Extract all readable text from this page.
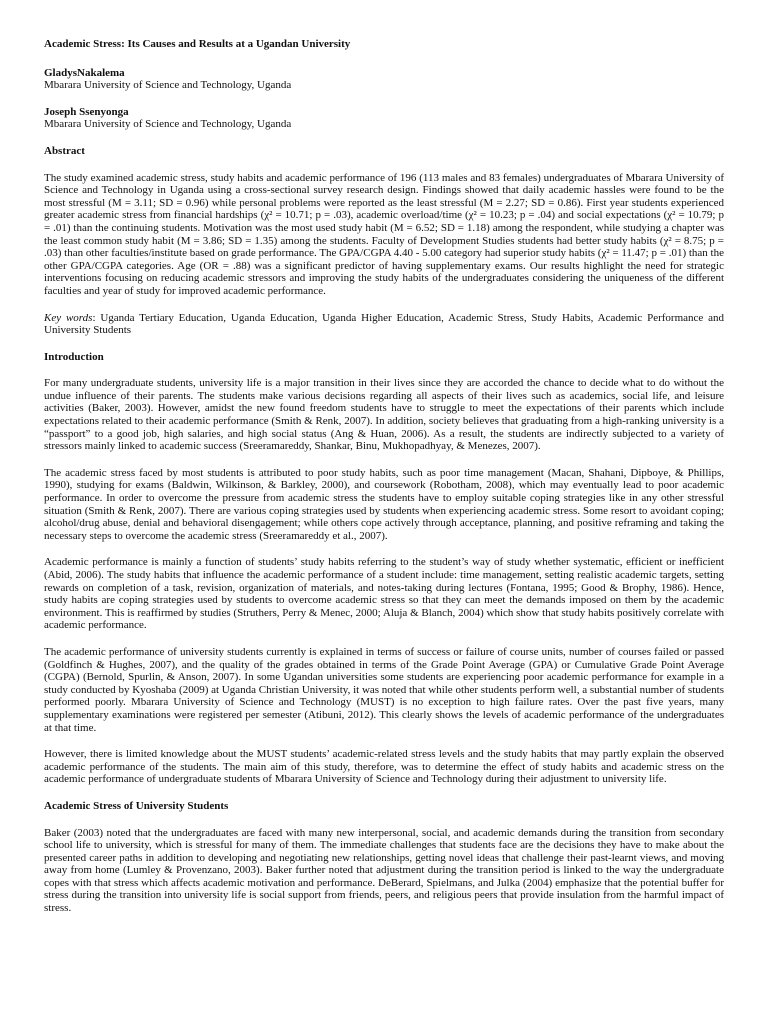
Academic Stress: Its Causes and Results at a Ugandan University
GladysNakalema
Mbarara University of Science and Technology, Uganda
Joseph Ssenyonga
Mbarara University of Science and Technology, Uganda
Abstract

The study examined academic stress, study habits and academic performance of 196 (113 males and 83 females) undergraduates of Mbarara University of Science and Technology in Uganda using a cross-sectional survey research design. Findings showed that daily academic hassles were found to be the most stressful (M = 3.11; SD = 0.96) while personal problems were reported as the least stressful (M = 2.27; SD = 0.86). First year students experienced greater academic stress from financial hardships (χ² = 10.71; p = .03), academic overload/time (χ² = 10.23; p = .04) and social expectations (χ² = 10.79; p = .01) than the continuing students. Motivation was the most used study habit (M = 6.52; SD = 1.18) among the respondent, while studying a chapter was the least common study habit (M = 3.86; SD = 1.35) among the students. Faculty of Development Studies students had better study habits (χ² = 8.75; p = .03) than other faculties/institute based on grade performance. The GPA/CGPA 4.40 - 5.00 category had superior study habits (χ² = 11.47; p = .01) than the other GPA/CGPA categories. Age (OR = .88) was a significant predictor of having supplementary exams. Our results highlight the need for strategic interventions focusing on reducing academic stressors and improving the study habits of the undergraduates considering the uniqueness of the different faculties and year of study for improved academic performance.

Key words: Uganda Tertiary Education, Uganda Education, Uganda Higher Education, Academic Stress, Study Habits, Academic Performance and University Students

Introduction

For many undergraduate students, university life is a major transition in their lives since they are accorded the chance to decide what to do without the undue influence of their parents. The students make various decisions regarding all aspects of their lives such as academics, social life, and leisure activities (Baker, 2003). However, amidst the new found freedom students have to struggle to meet the expectations of their parents which include expectations related to their academic performance (Smith & Renk, 2007). In addition, society believes that graduating from a high-ranking university is a “passport” to a good job, high salaries, and high social status (Ang & Huan, 2006). As a result, the students are indirectly subjected to a variety of stressors mainly linked to academic success (Sreeramareddy, Shankar, Binu, Mukhopadhyay, & Menezes, 2007).

The academic stress faced by most students is attributed to poor study habits, such as poor time management (Macan, Shahani, Dipboye, & Phillips, 1990), studying for exams (Baldwin, Wilkinson, & Barkley, 2000), and coursework (Robotham, 2008), which may eventually lead to poor academic performance. In order to overcome the pressure from academic stress the students have to employ suitable coping strategies like in any other stressful situation (Smith & Renk, 2007). There are various coping strategies used by students when experiencing academic stress. Some resort to avoidant coping; alcohol/drug abuse, denial and behavioral disengagement; while others cope actively through acceptance, planning, and positive reframing and taking the necessary steps to overcome the academic stress (Sreeramareddy et al., 2007).

Academic performance is mainly a function of students’ study habits referring to the student’s way of study whether systematic, efficient or inefficient (Abid, 2006). The study habits that influence the academic performance of a student include: time management, setting realistic academic targets, setting rewards on completion of a task, revision, organization of materials, and notes-taking during lectures (Fontana, 1995; Good & Brophy, 1986). Hence, study habits are coping strategies used by students to overcome academic stress so that they can meet the demands imposed on them by the academic environment. This is reaffirmed by studies (Struthers, Perry & Menec, 2000; Aluja & Blanch, 2004) which show that study habits positively correlate with academic performance.

The academic performance of university students currently is explained in terms of success or failure of course units, number of courses failed or passed (Goldfinch & Hughes, 2007), and the quality of the grades obtained in terms of the Grade Point Average (GPA) or Cumulative Grade Point Average (CGPA) (Bernold, Spurlin, & Anson, 2007). In some Ugandan universities some students are experiencing poor academic performance for example in a study conducted by Kyoshaba (2009) at Uganda Christian University, it was noted that while other students perform well, a substantial number of students performed poorly. Mbarara University of Science and Technology (MUST) is no exception to high failure rates. Over the past five years, many supplementary examinations were registered per semester (Atibuni, 2012). This clearly shows the levels of academic performance of the undergraduates at that time.

However, there is limited knowledge about the MUST students’ academic-related stress levels and the study habits that may partly explain the observed academic performance of the students. The main aim of this study, therefore, was to determine the effect of study habits and academic stress on the academic performance of undergraduate students of Mbarara University of Science and Technology during their adjustment to university life.

Academic Stress of University Students

Baker (2003) noted that the undergraduates are faced with many new interpersonal, social, and academic demands during the transition from secondary school life to university, which is stressful for many of them. The immediate challenges that students face are the decisions they have to make about the presented career paths in addition to developing and negotiating new relationships, getting novel ideas that challenge their past-learnt views, and moving away from home (Lumley & Provenzano, 2003). Baker further noted that adjustment during the transition period is linked to the way the undergraduate copes with that stress which affects academic motivation and performance. DeBerard, Spielmans, and Julka (2004) emphasize that the potential buffer for stress during the transition into university life is social support from friends, peers, and religious peers that provide insulation from the harmful impact of stress.
